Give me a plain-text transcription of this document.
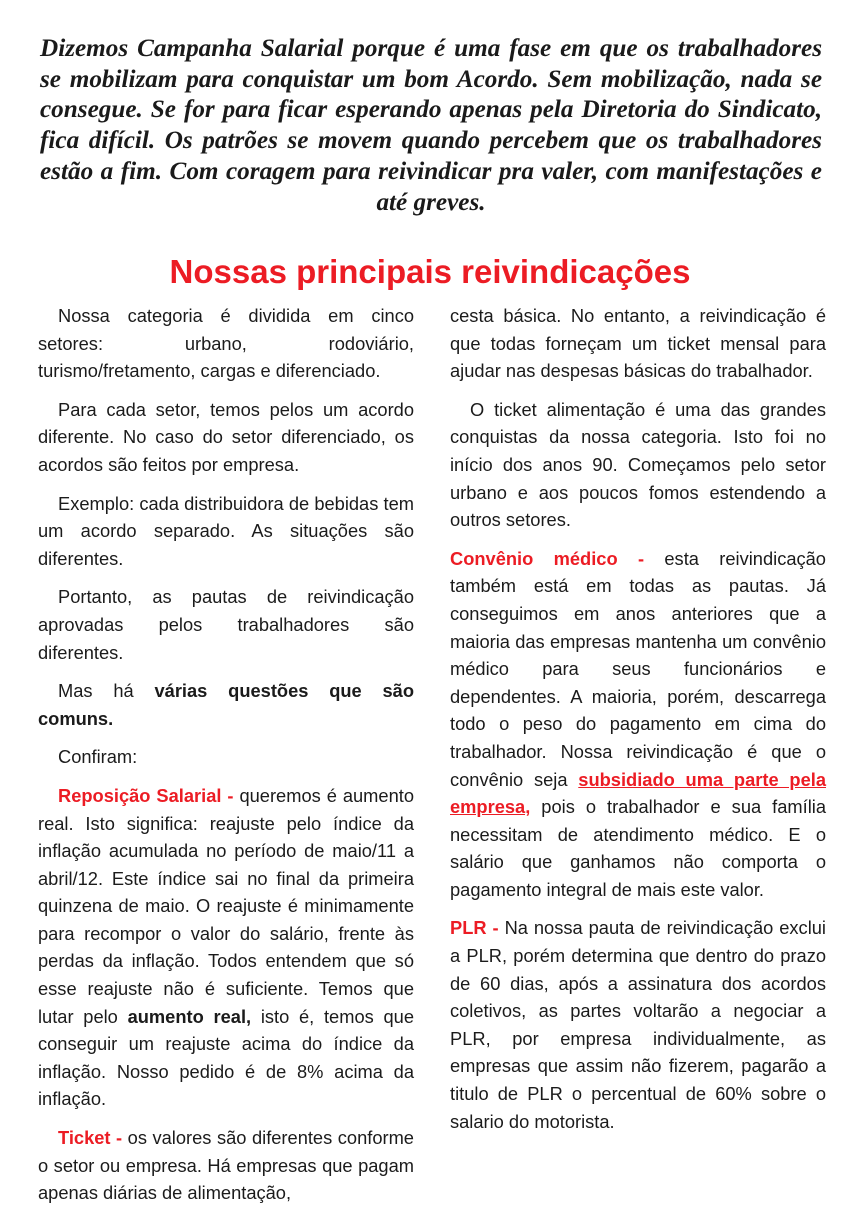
Dizemos Campanha Salarial porque é uma fase em que os trabalhadores se mobilizam para conquistar um bom Acordo. Sem mobilização, nada se consegue. Se for para ficar esperando apenas pela Diretoria do Sindicato, fica difícil. Os patrões se movem quando percebem que os trabalhadores estão a fim. Com coragem para reivindicar pra valer, com manifestações e até greves.

Nossas principais reivindicações

Nossa categoria é dividida em cinco setores: urbano, rodoviário, turismo/fretamento, cargas e diferenciado.

Para cada setor, temos pelos um acordo diferente. No caso do setor diferenciado, os acordos são feitos por empresa.

Exemplo: cada distribuidora de bebidas tem um acordo separado. As situações são diferentes.

Portanto, as pautas de reivindicação aprovadas pelos trabalhadores são diferentes.

Mas há várias questões que são comuns.

Confiram:

Reposição Salarial - queremos é aumento real. Isto significa: reajuste pelo índice da inflação acumulada no período de maio/11 a abril/12. Este índice sai no final da primeira quinzena de maio. O reajuste é minimamente para recompor o valor do salário, frente às perdas da inflação. Todos entendem que só esse reajuste não é suficiente. Temos que lutar pelo aumento real, isto é, temos que conseguir um reajuste acima do índice da inflação. Nosso pedido é de 8% acima da inflação.

Ticket - os valores são diferentes conforme o setor ou empresa. Há empresas que pagam apenas diárias de alimentação,

cesta básica. No entanto, a reivindicação é que todas forneçam um ticket mensal para ajudar nas despesas básicas do trabalhador.

O ticket alimentação é uma das grandes conquistas da nossa categoria. Isto foi no início dos anos 90. Começamos pelo setor urbano e aos poucos fomos estendendo a outros setores.

Convênio médico - esta reivindicação também está em todas as pautas. Já conseguimos em anos anteriores que a maioria das empresas mantenha um convênio médico para seus funcionários e dependentes. A maioria, porém, descarrega todo o peso do pagamento em cima do trabalhador. Nossa reivindicação é que o convênio seja subsidiado uma parte pela empresa, pois o trabalhador e sua família necessitam de atendimento médico. E o salário que ganhamos não comporta o pagamento integral de mais este valor.

PLR - Na nossa pauta de reivindicação exclui a PLR, porém determina que dentro do prazo de 60 dias, após a assinatura dos acordos coletivos, as partes voltarão a negociar a PLR, por empresa individualmente, as empresas que assim não fizerem, pagarão a titulo de PLR o percentual de 60% sobre o salario do motorista.
